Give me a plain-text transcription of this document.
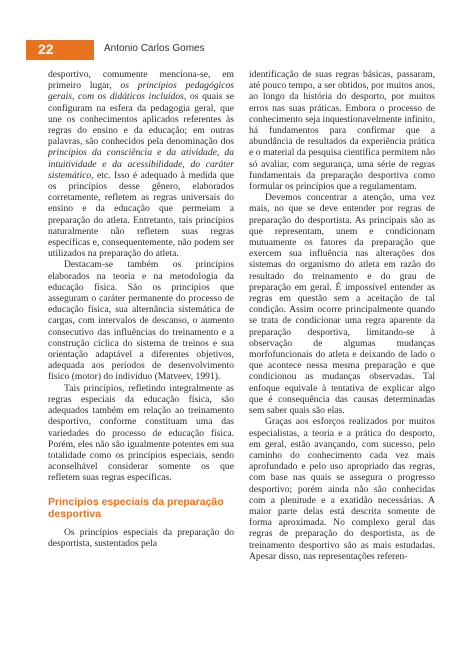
22	Antonio Carlos Gomes

desportivo, comumente menciona-se, em primeiro lugar, os princípios pedagógicos gerais, com os didáticos incluídos, os quais se configuram na esfera da pedagogia geral, que une os conhecimentos aplicados referentes às regras do ensino e da educação; em outras palavras, são conhecidos pela denominação dos princípios da consciência e da atividade, da intuitividade e da acessibilidade, do caráter sistemático, etc. Isso é adequado à medida que os princípios desse gênero, elaborados corretamente, refletem as regras universais do ensino e da educação que permeiam a preparação do atleta. Entretanto, tais princípios naturalmente não refletem suas regras específicas e, consequentemente, não podem ser utilizados na preparação do atleta.

Destacam-se também os princípios elaborados na teoria e na metodologia da educação física. São os princípios que asseguram o caráter permanente do processo de educação física, sua alternância sistemática de cargas, com intervalos de descanso, o aumento consecutivo das influências do treinamento e a construção cíclica do sistema de treinos e sua orientação adaptável a diferentes objetivos, adequada aos períodos de desenvolvimento físico (motor) do indivíduo (Matveev, 1991).

Tais princípios, refletindo integralmente as regras especiais da educação física, são adequados também em relação ao treinamento desportivo, conforme constituam uma das variedades do processo de educação física. Porém, eles não são igualmente potentes em sua totalidade como os princípios especiais, sendo aconselhável considerar somente os que refletem suas regras específicas.

Princípios especiais da preparação desportiva

Os princípios especiais da preparação do desportista, sustentados pela

identificação de suas regras básicas, passaram, até pouco tempo, a ser obtidos, por muitos anos, ao longo da história do desporto, por muitos erros nas suas práticas. Embora o processo de conhecimento seja inquestionavelmente infinito, há fundamentos para confirmar que a abundância de resultados da experiência prática e o material da pesquisa científica permitem não só avaliar, com segurança, uma série de regras fundamentais da preparação desportiva como formular os princípios que a regulamentam.

Devemos concentrar a atenção, uma vez mais, no que se deve entender por regras de preparação do desportista. As principais são as que representam, unem e condicionam mutuamente os fatores da preparação que exercem sua influência nas alterações dos sistemas do organismo do atleta em razão do resultado do treinamento e do grau de preparação em geral. É impossível entender as regras em questão sem a aceitação de tal condição. Assim ocorre principalmente quando se trata de condicionar uma regra aparente da preparação desportiva, limitando-se à observação de algumas mudanças morfofuncionais do atleta e deixando de lado o que acontece nessa mesma preparação e que condicionou as mudanças observadas. Tal enfoque equivale à tentativa de explicar algo que é consequência das causas determinadas sem saber quais são elas.

Graças aos esforços realizados por muitos especialistas, a teoria e a prática do desporto, em geral, estão avançando, com sucesso, pelo caminho do conhecimento cada vez mais aprofundado e pelo uso apropriado das regras, com base nas quais se assegura o progresso desportivo; porém ainda não são conhecidas com a plenitude e a exatidão necessárias. A maior parte delas está descrita somente de forma aproximada. No complexo geral das regras de preparação do desportista, as de treinamento desportivo são as mais estudadas. Apesar disso, nas representações referen-
